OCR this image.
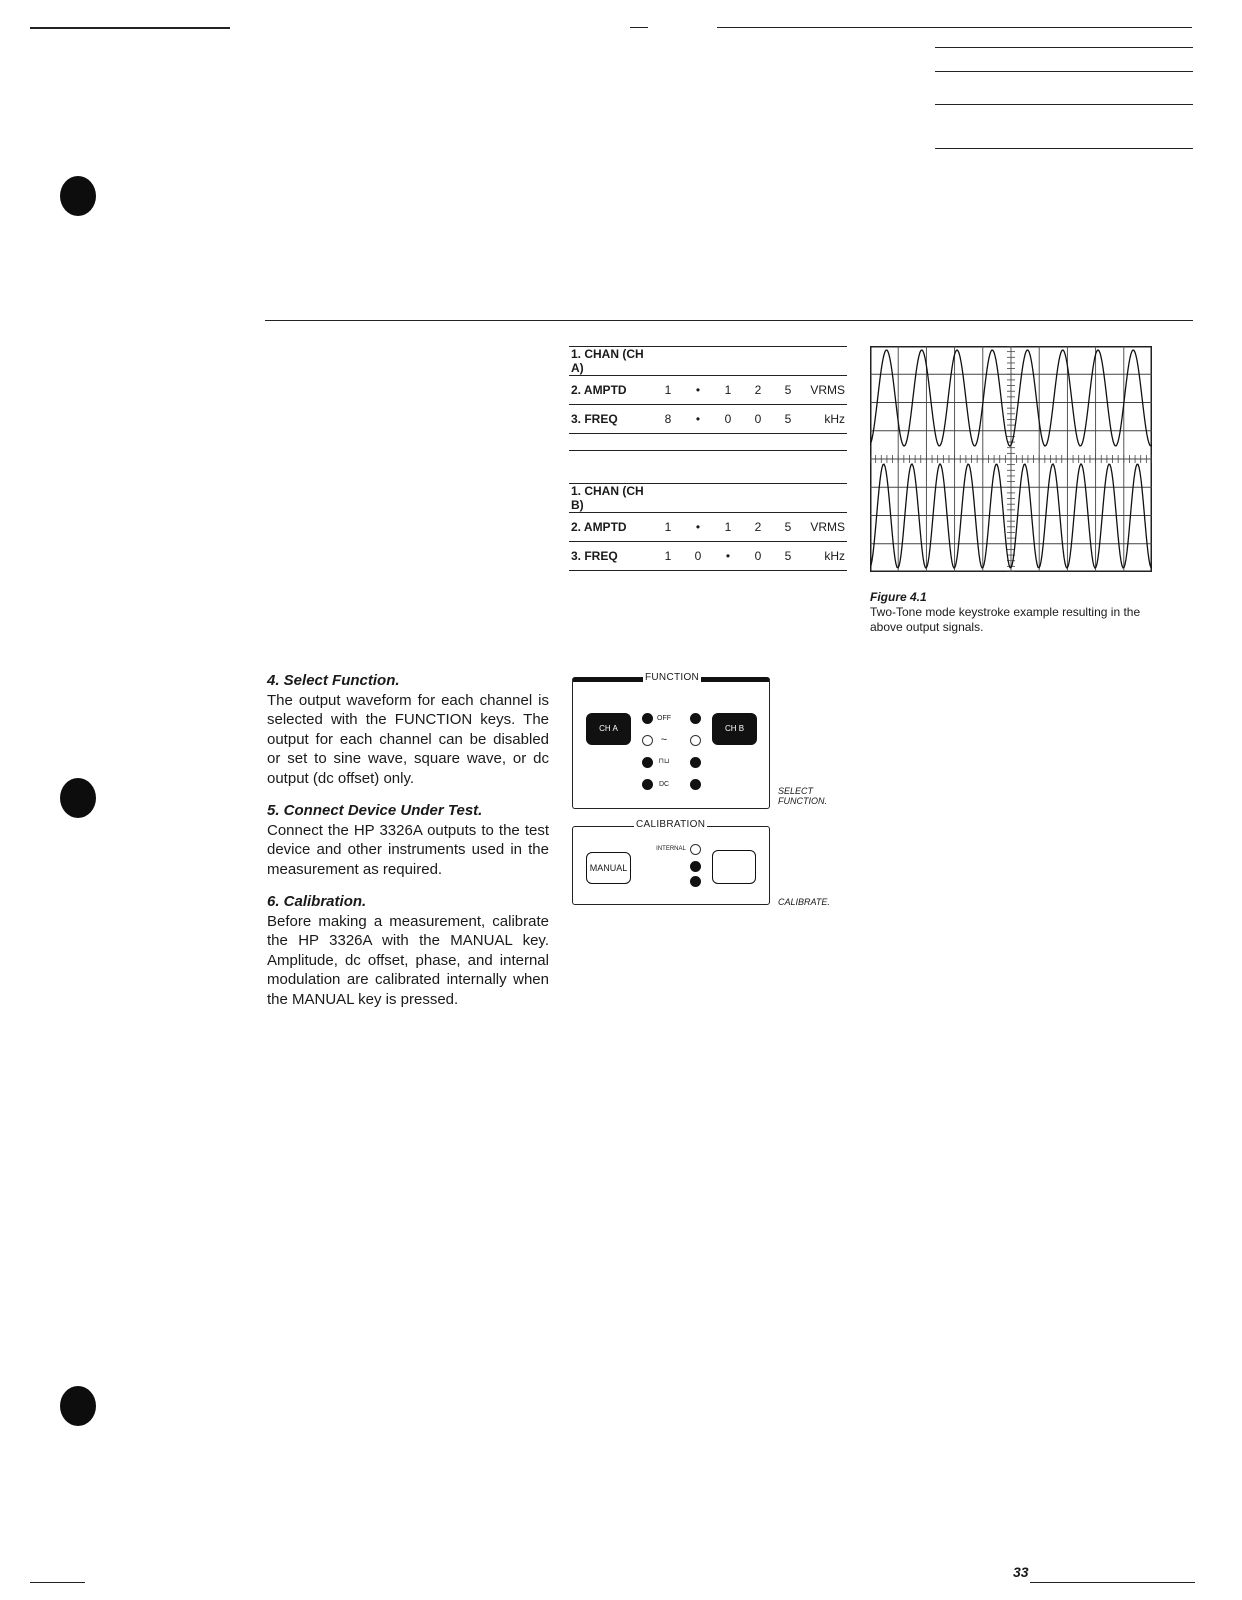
1. CHAN (CH A)						
2. AMPTD	1	•	1	2	5	VRMS
3. FREQ	8	•	0	0	5	kHz

1. CHAN (CH B)						
2. AMPTD	1	•	1	2	5	VRMS
3. FREQ	1	0	•	0	5	kHz
Figure 4.1
Two-Tone mode keystroke example resulting in the above output signals.
4. Select Function.

The output waveform for each channel is selected with the FUNCTION keys. The output for each channel can be disabled or set to sine wave, square wave, or dc output (dc offset) only.

5. Connect Device Under Test.

Connect the HP 3326A outputs to the test device and other instruments used in the measurement as required.

6. Calibration.

Before making a measurement, calibrate the HP 3326A with the MANUAL key. Amplitude, dc offset, phase, and internal modulation are calibrated internally when the MANUAL key is pressed.

FUNCTION
CH A	CH B
OFF
~
⊓⊔
DC
SELECT FUNCTION.
CALIBRATION
MANUAL
INTERNAL
CALIBRATE.
33
